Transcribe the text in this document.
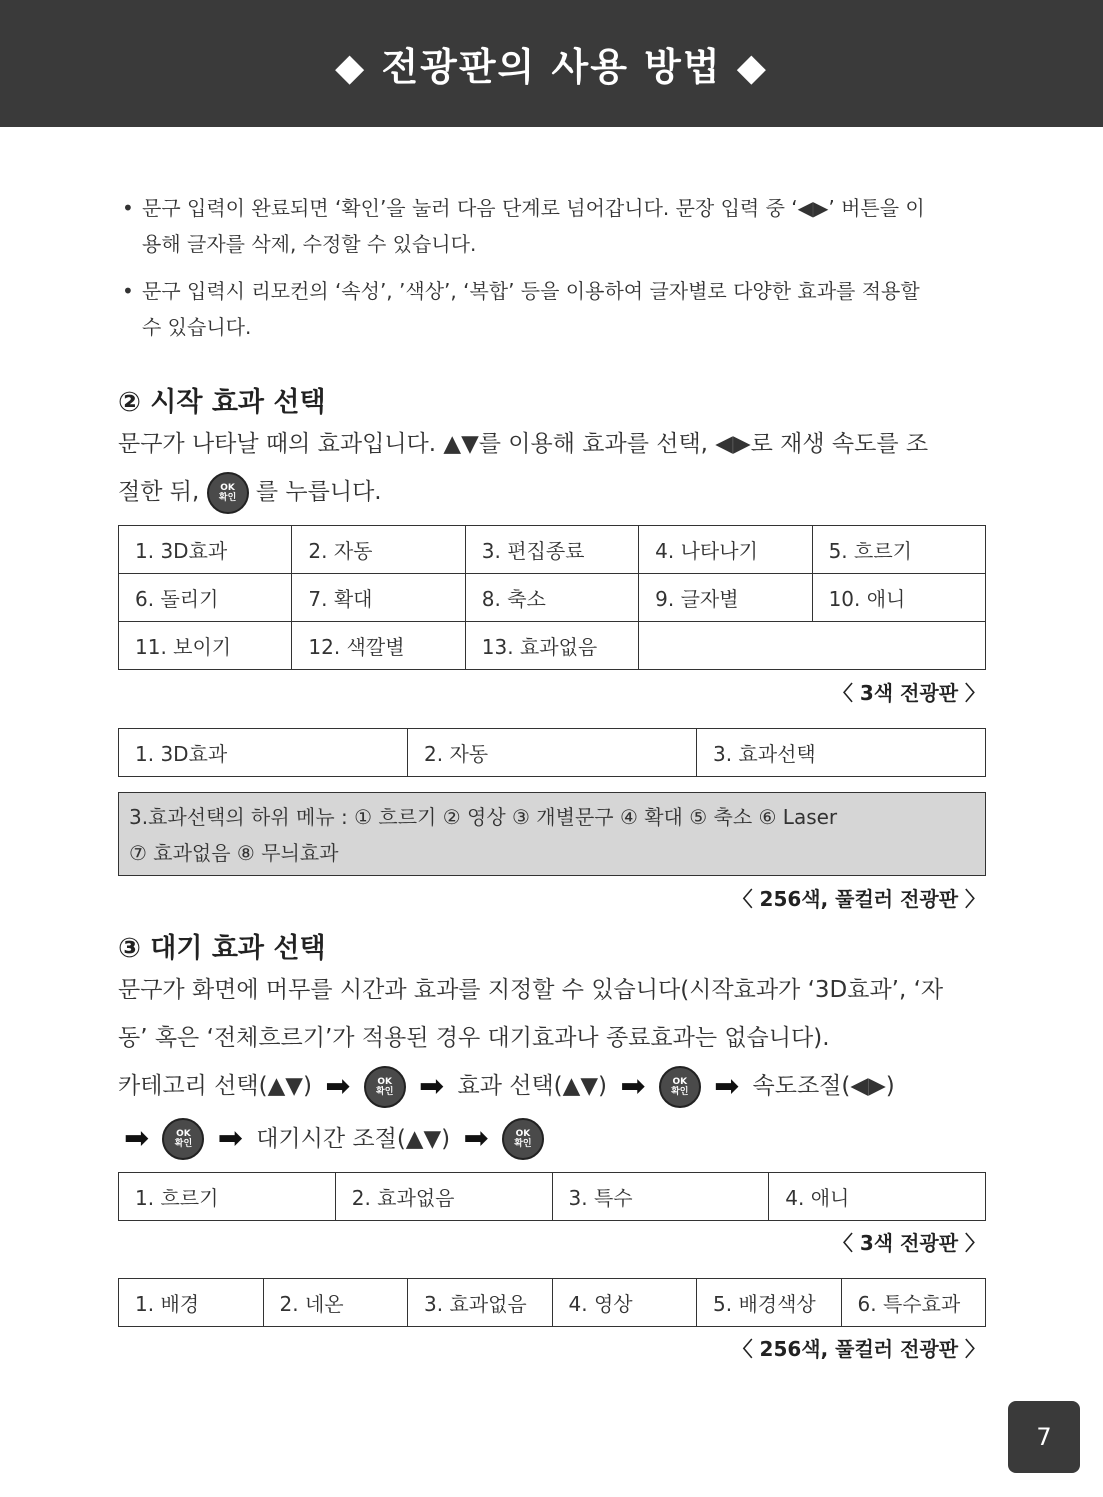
◆ 전광판의 사용 방법 ◆
• 문구 입력이 완료되면 ‘확인’을 눌러 다음 단계로 넘어갑니다. 문장 입력 중 ‘◀▶’ 버튼을 이
용해 글자를 삭제, 수정할 수 있습니다.
• 문구 입력시 리모컨의 ‘속성’, ’색상’, ‘복합’ 등을 이용하여 글자별로 다양한 효과를 적용할
수 있습니다.
② 시작 효과 선택
문구가 나타날 때의 효과입니다. ▲▼를 이용해 효과를 선택, ◀▶로 재생 속도를 조
절한 뒤, OK
확인 를 누릅니다.
1. 3D효과	2. 자동	3. 편집종료	4. 나타나기	5. 흐르기
6. 돌리기	7. 확대	8. 축소	9. 글자별	10. 애니
11. 보이기	12. 색깔별	13. 효과없음		
〈 3색 전광판 〉
1. 3D효과	2. 자동	3. 효과선택
3.효과선택의 하위 메뉴 : ① 흐르기 ② 영상 ③ 개별문구 ④ 확대 ⑤ 축소 ⑥ Laser
⑦ 효과없음 ⑧ 무늬효과
〈 256색, 풀컬러 전광판 〉
③ 대기 효과 선택
문구가 화면에 머무를 시간과 효과를 지정할 수 있습니다(시작효과가 ‘3D효과’, ‘자
동’ 혹은 ‘전체흐르기’가 적용된 경우 대기효과나 종료효과는 없습니다).
카테고리 선택(▲▼) ➡	OK
확인 ➡ 효과 선택(▲▼) ➡	OK
확인 ➡ 속도조절(◀▶)
➡	OK
확인 ➡ 대기시간 조절(▲▼) ➡	OK
확인
1. 흐르기	2. 효과없음	3. 특수	4. 애니
〈 3색 전광판 〉
1. 배경	2. 네온	3. 효과없음	4. 영상	5. 배경색상	6. 특수효과
〈 256색, 풀컬러 전광판 〉
7
